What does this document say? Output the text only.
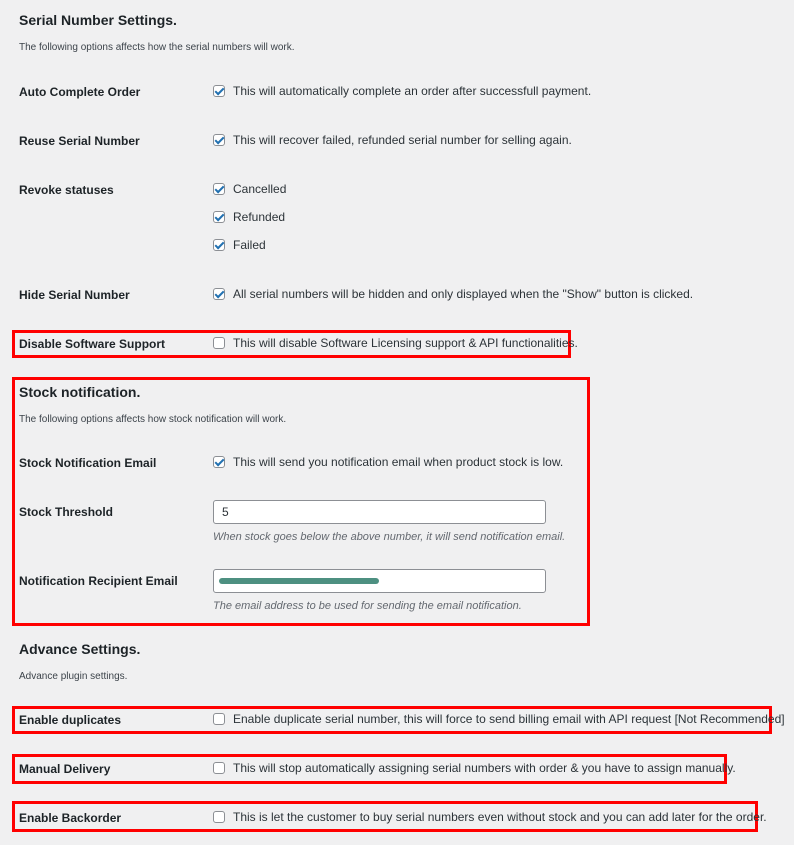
Serial Number Settings.
The following options affects how the serial numbers will work.
Auto Complete Order	This will automatically complete an order after successfull payment.
Reuse Serial Number	This will recover failed, refunded serial number for selling again.
Revoke statuses	Cancelled
Refunded
Failed
Hide Serial Number	All serial numbers will be hidden and only displayed when the "Show" button is clicked.
Disable Software Support	This will disable Software Licensing support & API functionalities.
Stock notification.
The following options affects how stock notification will work.
Stock Notification Email	This will send you notification email when product stock is low.
Stock Threshold	5
When stock goes below the above number, it will send notification email.
Notification Recipient Email
The email address to be used for sending the email notification.
Advance Settings.
Advance plugin settings.
Enable duplicates	Enable duplicate serial number, this will force to send billing email with API request [Not Recommended]
Manual Delivery	This will stop automatically assigning serial numbers with order & you have to assign manually.
Enable Backorder	This is let the customer to buy serial numbers even without stock and you can add later for the order.
